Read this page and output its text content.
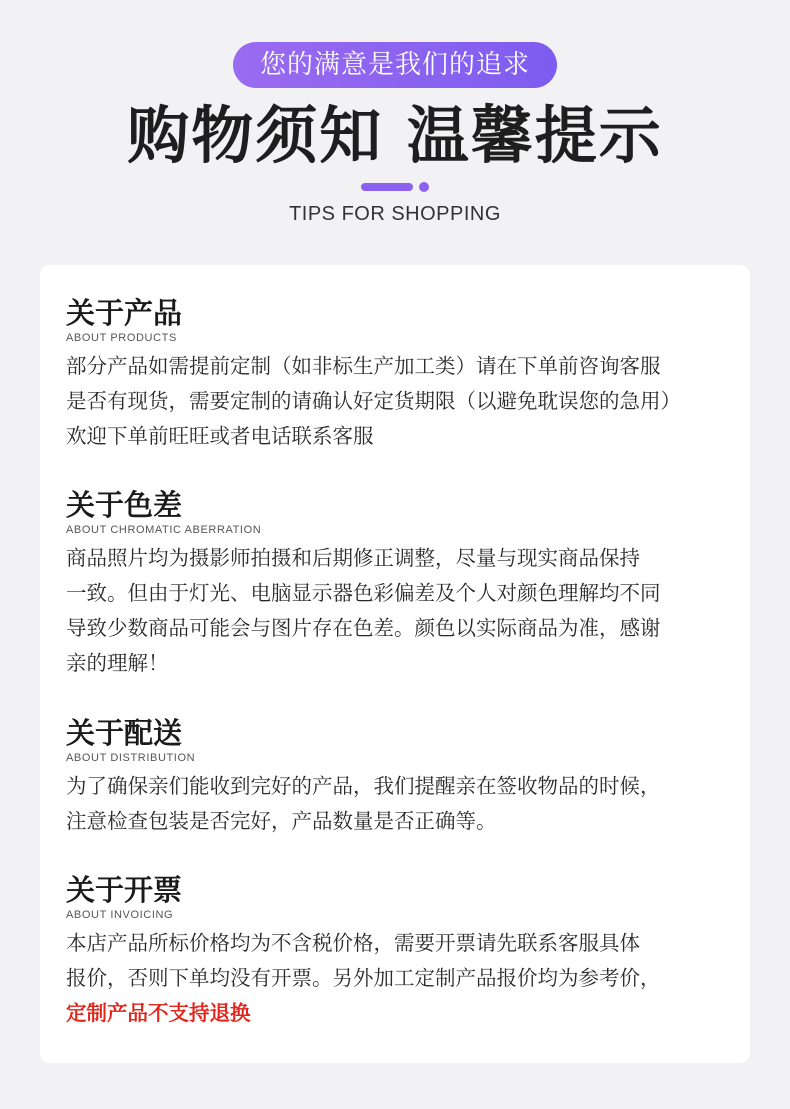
您的满意是我们的追求
购物须知 温馨提示
TIPS FOR SHOPPING
关于产品
ABOUT PRODUCTS
部分产品如需提前定制（如非标生产加工类）请在下单前咨询客服
是否有现货，需要定制的请确认好定货期限（以避免耽误您的急用）
欢迎下单前旺旺或者电话联系客服
关于色差
ABOUT CHROMATIC ABERRATION
商品照片均为摄影师拍摄和后期修正调整，尽量与现实商品保持
一致。但由于灯光、电脑显示器色彩偏差及个人对颜色理解均不同
导致少数商品可能会与图片存在色差。颜色以实际商品为准，感谢
亲的理解！
关于配送
ABOUT DISTRIBUTION
为了确保亲们能收到完好的产品，我们提醒亲在签收物品的时候，
注意检查包装是否完好，产品数量是否正确等。
关于开票
ABOUT INVOICING
本店产品所标价格均为不含税价格，需要开票请先联系客服具体
报价，否则下单均没有开票。另外加工定制产品报价均为参考价，
定制产品不支持退换
